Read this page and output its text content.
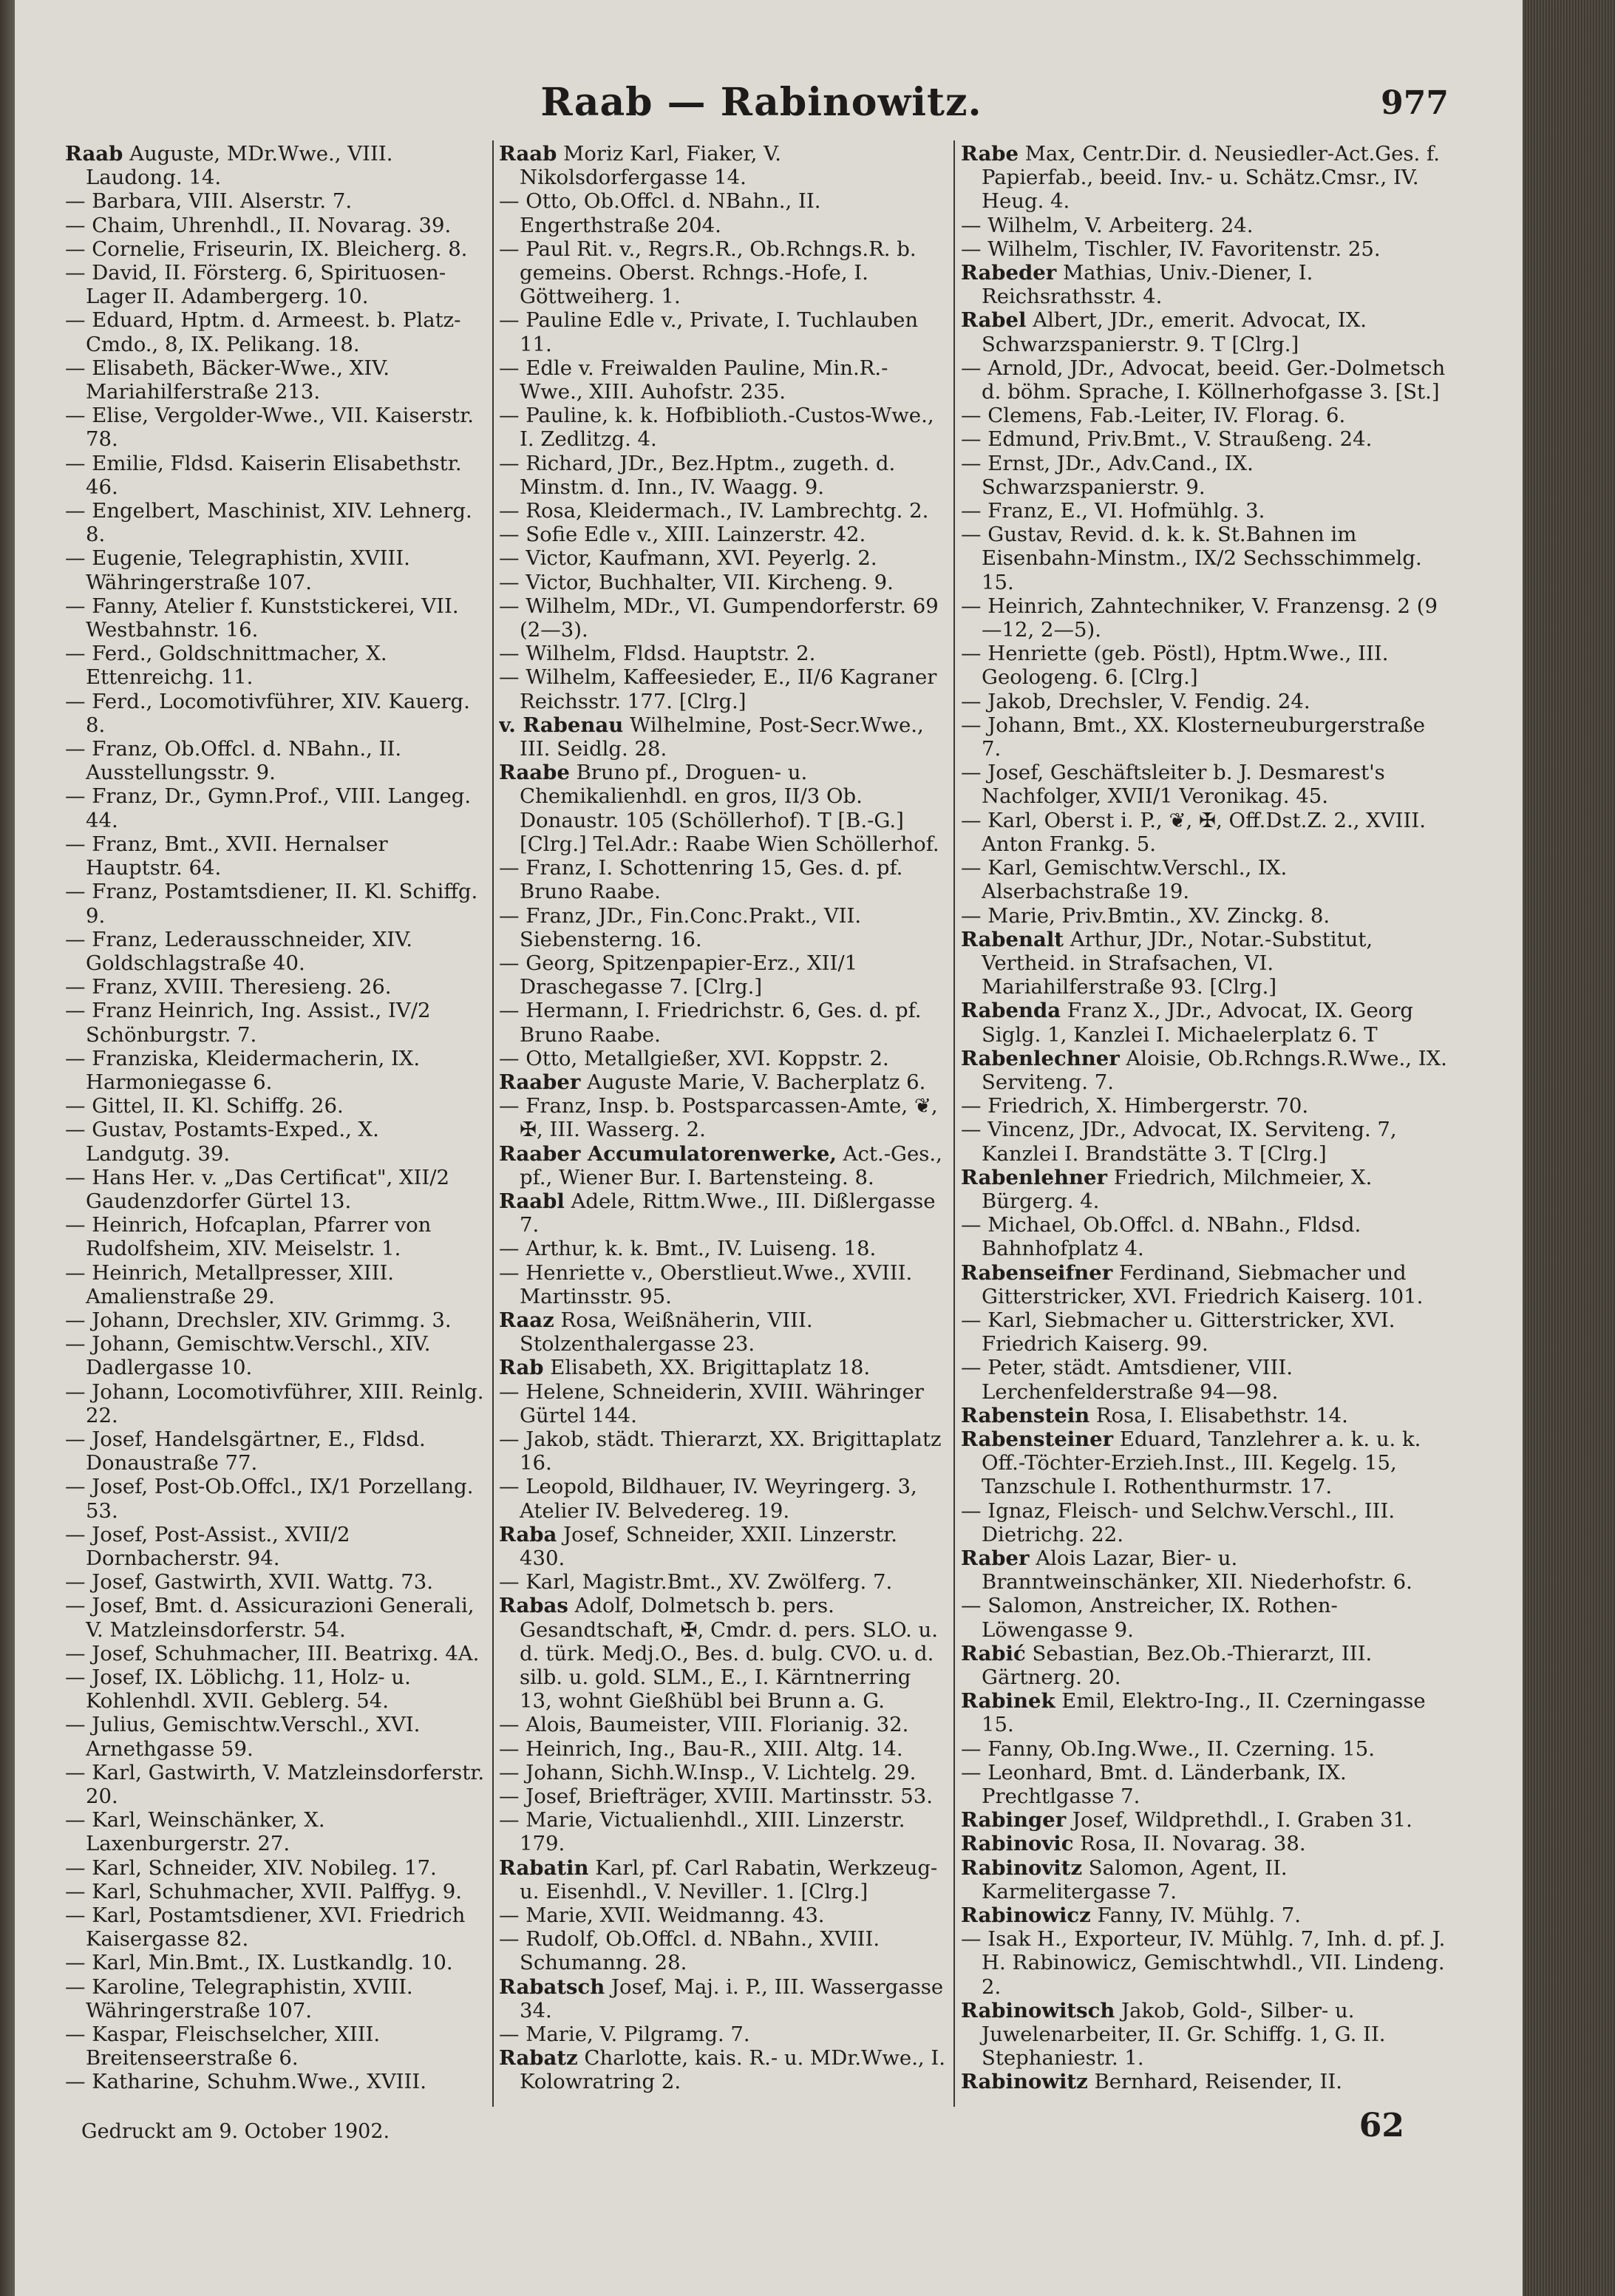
Raab — Rabinowitz.	977

Raab Auguste, MDr.Wwe., VIII. Laudong. 14.

— Barbara, VIII. Alserstr. 7.

— Chaim, Uhrenhdl., II. Novarag. 39.

— Cornelie, Friseurin, IX. Bleicherg. 8.

— David, II. Försterg. 6, Spirituosen-Lager II. Adambergerg. 10.

— Eduard, Hptm. d. Armeest. b. Platz-Cmdo., 8, IX. Pelikang. 18.

— Elisabeth, Bäcker-Wwe., XIV. Mariahilferstraße 213.

— Elise, Vergolder-Wwe., VII. Kaiserstr. 78.

— Emilie, Fldsd. Kaiserin Elisabethstr. 46.

— Engelbert, Maschinist, XIV. Lehnerg. 8.

— Eugenie, Telegraphistin, XVIII. Währingerstraße 107.

— Fanny, Atelier f. Kunststickerei, VII. Westbahnstr. 16.

— Ferd., Goldschnittmacher, X. Ettenreichg. 11.

— Ferd., Locomotivführer, XIV. Kauerg. 8.

— Franz, Ob.Offcl. d. NBahn., II. Ausstellungsstr. 9.

— Franz, Dr., Gymn.Prof., VIII. Langeg. 44.

— Franz, Bmt., XVII. Hernalser Hauptstr. 64.

— Franz, Postamtsdiener, II. Kl. Schiffg. 9.

— Franz, Lederausschneider, XIV. Goldschlagstraße 40.

— Franz, XVIII. Theresieng. 26.

— Franz Heinrich, Ing. Assist., IV/2 Schönburgstr. 7.

— Franziska, Kleidermacherin, IX. Harmoniegasse 6.

— Gittel, II. Kl. Schiffg. 26.

— Gustav, Postamts-Exped., X. Landgutg. 39.

— Hans Her. v. „Das Certificat", XII/2 Gaudenzdorfer Gürtel 13.

— Heinrich, Hofcaplan, Pfarrer von Rudolfsheim, XIV. Meiselstr. 1.

— Heinrich, Metallpresser, XIII. Amalienstraße 29.

— Johann, Drechsler, XIV. Grimmg. 3.

— Johann, Gemischtw.Verschl., XIV. Dadlergasse 10.

— Johann, Locomotivführer, XIII. Reinlg. 22.

— Josef, Handelsgärtner, E., Fldsd. Donaustraße 77.

— Josef, Post-Ob.Offcl., IX/1 Porzellang. 53.

— Josef, Post-Assist., XVII/2 Dornbacherstr. 94.

— Josef, Gastwirth, XVII. Wattg. 73.

— Josef, Bmt. d. Assicurazioni Generali, V. Matzleinsdorferstr. 54.

— Josef, Schuhmacher, III. Beatrixg. 4A.

— Josef, IX. Löblichg. 11, Holz- u. Kohlenhdl. XVII. Geblerg. 54.

— Julius, Gemischtw.Verschl., XVI. Arnethgasse 59.

— Karl, Gastwirth, V. Matzleinsdorferstr. 20.

— Karl, Weinschänker, X. Laxenburgerstr. 27.

— Karl, Schneider, XIV. Nobileg. 17.

— Karl, Schuhmacher, XVII. Palffyg. 9.

— Karl, Postamtsdiener, XVI. Friedrich Kaisergasse 82.

— Karl, Min.Bmt., IX. Lustkandlg. 10.

— Karoline, Telegraphistin, XVIII. Währingerstraße 107.

— Kaspar, Fleischselcher, XIII. Breitenseerstraße 6.

— Katharine, Schuhm.Wwe., XVIII.

Raab Moriz Karl, Fiaker, V. Nikolsdorfergasse 14.

— Otto, Ob.Offcl. d. NBahn., II. Engerthstraße 204.

— Paul Rit. v., Regrs.R., Ob.Rchngs.R. b. gemeins. Oberst. Rchngs.-Hofe, I. Göttweiherg. 1.

— Pauline Edle v., Private, I. Tuchlauben 11.

— Edle v. Freiwalden Pauline, Min.R.-Wwe., XIII. Auhofstr. 235.

— Pauline, k. k. Hofbiblioth.-Custos-Wwe., I. Zedlitzg. 4.

— Richard, JDr., Bez.Hptm., zugeth. d. Minstm. d. Inn., IV. Waagg. 9.

— Rosa, Kleidermach., IV. Lambrechtg. 2.

— Sofie Edle v., XIII. Lainzerstr. 42.

— Victor, Kaufmann, XVI. Peyerlg. 2.

— Victor, Buchhalter, VII. Kircheng. 9.

— Wilhelm, MDr., VI. Gumpendorferstr. 69 (2—3).

— Wilhelm, Fldsd. Hauptstr. 2.

— Wilhelm, Kaffeesieder, E., II/6 Kagraner Reichsstr. 177. [Clrg.]

v. Rabenau Wilhelmine, Post-Secr.Wwe., III. Seidlg. 28.

Raabe Bruno pf., Droguen- u. Chemikalienhdl. en gros, II/3 Ob. Donaustr. 105 (Schöllerhof). T [B.-G.] [Clrg.] Tel.Adr.: Raabe Wien Schöllerhof.

— Franz, I. Schottenring 15, Ges. d. pf. Bruno Raabe.

— Franz, JDr., Fin.Conc.Prakt., VII. Siebensterng. 16.

— Georg, Spitzenpapier-Erz., XII/1 Draschegasse 7. [Clrg.]

— Hermann, I. Friedrichstr. 6, Ges. d. pf. Bruno Raabe.

— Otto, Metallgießer, XVI. Koppstr. 2.

Raaber Auguste Marie, V. Bacherplatz 6.

— Franz, Insp. b. Postsparcassen-Amte, ❦, ✠, III. Wasserg. 2.

Raaber Accumulatorenwerke, Act.-Ges., pf., Wiener Bur. I. Bartensteing. 8.

Raabl Adele, Rittm.Wwe., III. Dißlergasse 7.

— Arthur, k. k. Bmt., IV. Luiseng. 18.

— Henriette v., Oberstlieut.Wwe., XVIII. Martinsstr. 95.

Raaz Rosa, Weißnäherin, VIII. Stolzenthalergasse 23.

Rab Elisabeth, XX. Brigittaplatz 18.

— Helene, Schneiderin, XVIII. Währinger Gürtel 144.

— Jakob, städt. Thierarzt, XX. Brigittaplatz 16.

— Leopold, Bildhauer, IV. Weyringerg. 3, Atelier IV. Belvedereg. 19.

Raba Josef, Schneider, XXII. Linzerstr. 430.

— Karl, Magistr.Bmt., XV. Zwölferg. 7.

Rabas Adolf, Dolmetsch b. pers. Gesandtschaft, ✠, Cmdr. d. pers. SLO. u. d. türk. Medj.O., Bes. d. bulg. CVO. u. d. silb. u. gold. SLM., E., I. Kärntnerring 13, wohnt Gießhübl bei Brunn a. G.

— Alois, Baumeister, VIII. Florianig. 32.

— Heinrich, Ing., Bau-R., XIII. Altg. 14.

— Johann, Sichh.W.Insp., V. Lichtelg. 29.

— Josef, Briefträger, XVIII. Martinsstr. 53.

— Marie, Victualienhdl., XIII. Linzerstr. 179.

Rabatin Karl, pf. Carl Rabatin, Werkzeug- u. Eisenhdl., V. Nevillег. 1. [Clrg.]

— Marie, XVII. Weidmanng. 43.

— Rudolf, Ob.Offcl. d. NBahn., XVIII. Schumanng. 28.

Rabatsch Josef, Maj. i. P., III. Wassergasse 34.

— Marie, V. Pilgramg. 7.

Rabatz Charlotte, kais. R.- u. MDr.Wwe., I. Kolowratring 2.

Rabe Max, Centr.Dir. d. Neusiedler-Act.Ges. f. Papierfab., beeid. Inv.- u. Schätz.Cmsr., IV. Heug. 4.

— Wilhelm, V. Arbeiterg. 24.

— Wilhelm, Tischler, IV. Favoritenstr. 25.

Rabeder Mathias, Univ.-Diener, I. Reichsrathsstr. 4.

Rabel Albert, JDr., emerit. Advocat, IX. Schwarzspanierstr. 9. T [Clrg.]

— Arnold, JDr., Advocat, beeid. Ger.-Dolmetsch d. böhm. Sprache, I. Köllnerhofgasse 3. [St.]

— Clemens, Fab.-Leiter, IV. Florag. 6.

— Edmund, Priv.Bmt., V. Straußeng. 24.

— Ernst, JDr., Adv.Cand., IX. Schwarzspanierstr. 9.

— Franz, E., VI. Hofmühlg. 3.

— Gustav, Revid. d. k. k. St.Bahnen im Eisenbahn-Minstm., IX/2 Sechsschimmelg. 15.

— Heinrich, Zahntechniker, V. Franzensg. 2 (9—12, 2—5).

— Henriette (geb. Pöstl), Hptm.Wwe., III. Geologeng. 6. [Clrg.]

— Jakob, Drechsler, V. Fendig. 24.

— Johann, Bmt., XX. Klosterneuburgerstraße 7.

— Josef, Geschäftsleiter b. J. Desmarest's Nachfolger, XVII/1 Veronikag. 45.

— Karl, Oberst i. P., ❦, ✠, Off.Dst.Z. 2., XVIII. Anton Frankg. 5.

— Karl, Gemischtw.Verschl., IX. Alserbachstraße 19.

— Marie, Priv.Bmtin., XV. Zinckg. 8.

Rabenalt Arthur, JDr., Notar.-Substitut, Vertheid. in Strafsachen, VI. Mariahilferstraße 93. [Clrg.]

Rabenda Franz X., JDr., Advocat, IX. Georg Siglg. 1, Kanzlei I. Michaelerplatz 6. T

Rabenlechner Aloisie, Ob.Rchngs.R.Wwe., IX. Serviteng. 7.

— Friedrich, X. Himbergerstr. 70.

— Vincenz, JDr., Advocat, IX. Serviteng. 7, Kanzlei I. Brandstätte 3. T [Clrg.]

Rabenlehner Friedrich, Milchmeier, X. Bürgerg. 4.

— Michael, Ob.Offcl. d. NBahn., Fldsd. Bahnhofplatz 4.

Rabenseifner Ferdinand, Siebmacher und Gitterstricker, XVI. Friedrich Kaiserg. 101.

— Karl, Siebmacher u. Gitterstricker, XVI. Friedrich Kaiserg. 99.

— Peter, städt. Amtsdiener, VIII. Lerchenfelderstraße 94—98.

Rabenstein Rosa, I. Elisabethstr. 14.

Rabensteiner Eduard, Tanzlehrer a. k. u. k. Off.-Töchter-Erzieh.Inst., III. Kegelg. 15, Tanzschule I. Rothenthurmstr. 17.

— Ignaz, Fleisch- und Selchw.Verschl., III. Dietrichg. 22.

Raber Alois Lazar, Bier- u. Branntweinschänker, XII. Niederhofstr. 6.

— Salomon, Anstreicher, IX. Rothen-Löwengasse 9.

Rabić Sebastian, Bez.Ob.-Thierarzt, III. Gärtnerg. 20.

Rabinek Emil, Elektro-Ing., II. Czerningasse 15.

— Fanny, Ob.Ing.Wwe., II. Czerning. 15.

— Leonhard, Bmt. d. Länderbank, IX. Prechtlgasse 7.

Rabinger Josef, Wildprethdl., I. Graben 31.

Rabinovic Rosa, II. Novarag. 38.

Rabinovitz Salomon, Agent, II. Karmelitergasse 7.

Rabinowicz Fanny, IV. Mühlg. 7.

— Isak H., Exporteur, IV. Mühlg. 7, Inh. d. pf. J. H. Rabinowicz, Gemischtwhdl., VII. Lindeng. 2.

Rabinowitsch Jakob, Gold-, Silber- u. Juwelenarbeiter, II. Gr. Schiffg. 1, G. II. Stephaniestr. 1.

Rabinowitz Bernhard, Reisender, II.

Gedruckt am 9. October 1902.	62
